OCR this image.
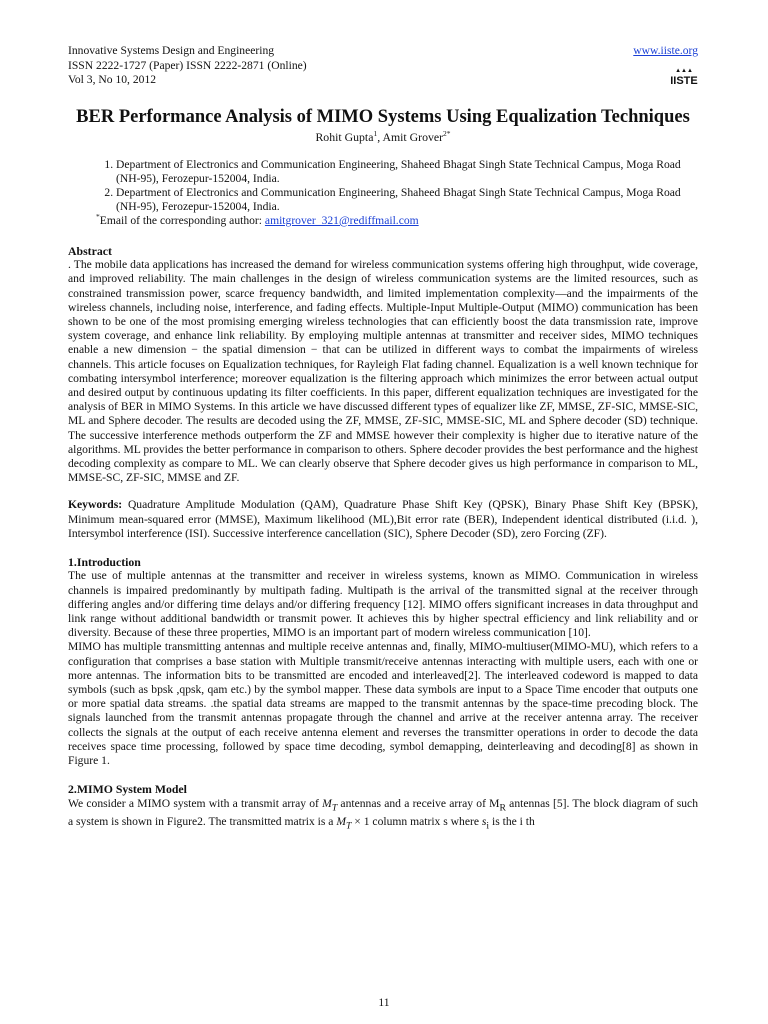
Innovative Systems Design and Engineering
ISSN 2222-1727 (Paper) ISSN 2222-2871 (Online)
Vol 3, No 10, 2012
www.iiste.org
▲▲▲
IISTE
BER Performance Analysis of MIMO Systems Using Equalization Techniques
Rohit Gupta$^1$, Amit Grover$^{2*}$
1. Department of Electronics and Communication Engineering, Shaheed Bhagat Singh State Technical Campus, Moga Road (NH-95), Ferozepur-152004, India.
2. Department of Electronics and Communication Engineering, Shaheed Bhagat Singh State Technical Campus, Moga Road (NH-95), Ferozepur-152004, India.
*Email of the corresponding author: amitgrover_321@rediffmail.com
Abstract

. The mobile data applications has increased the demand for wireless communication systems offering high throughput, wide coverage, and improved reliability. The main challenges in the design of wireless communication systems are the limited resources, such as constrained transmission power, scarce frequency bandwidth, and limited implementation complexity―and the impairments of the wireless channels, including noise, interference, and fading effects. Multiple-Input Multiple-Output (MIMO) communication has been shown to be one of the most promising emerging wireless technologies that can efficiently boost the data transmission rate, improve system coverage, and enhance link reliability. By employing multiple antennas at transmitter and receiver sides, MIMO techniques enable a new dimension − the spatial dimension − that can be utilized in different ways to combat the impairments of wireless channels. This article focuses on Equalization techniques, for Rayleigh Flat fading channel. Equalization is a well known technique for combating intersymbol interference; moreover equalization is the filtering approach which minimizes the error between actual output and desired output by continuous updating its filter coefficients. In this paper, different equalization techniques are investigated for the analysis of BER in MIMO Systems. In this article we have discussed different types of equalizer like ZF, MMSE, ZF-SIC, MMSE-SIC, ML and Sphere decoder. The results are decoded using the ZF, MMSE, ZF-SIC, MMSE-SIC, ML and Sphere decoder (SD) technique. The successive interference methods outperform the ZF and MMSE however their complexity is higher due to iterative nature of the algorithms. ML provides the better performance in comparison to others. Sphere decoder provides the best performance and the highest decoding complexity as compare to ML. We can clearly observe that Sphere decoder gives us high performance in comparison to ML, MMSE-SC, ZF-SIC, MMSE and ZF.

Keywords: Quadrature Amplitude Modulation (QAM), Quadrature Phase Shift Key (QPSK), Binary Phase Shift Key (BPSK), Minimum mean-squared error (MMSE), Maximum likelihood (ML),Bit error rate (BER), Independent identical distributed (i.i.d. ), Intersymbol interference (ISI). Successive interference cancellation (SIC), Sphere Decoder (SD), zero Forcing (ZF).

1.Introduction

The use of multiple antennas at the transmitter and receiver in wireless systems, known as MIMO. Communication in wireless channels is impaired predominantly by multipath fading. Multipath is the arrival of the transmitted signal at the receiver through differing angles and/or differing time delays and/or differing frequency [12]. MIMO offers significant increases in data throughput and link range without additional bandwidth or transmit power. It achieves this by higher spectral efficiency and link reliability and or diversity. Because of these three properties, MIMO is an important part of modern wireless communication [10].

MIMO has multiple transmitting antennas and multiple receive antennas and, finally, MIMO-multiuser(MIMO-MU), which refers to a configuration that comprises a base station with Multiple transmit/receive antennas interacting with multiple users, each with one or more antennas. The information bits to be transmitted are encoded and interleaved[2]. The interleaved codeword is mapped to data symbols (such as bpsk ,qpsk, qam etc.) by the symbol mapper. These data symbols are input to a Space Time encoder that outputs one or more spatial data streams. .the spatial data streams are mapped to the transmit antennas by the space-time precoding block. The signals launched from the transmit antennas propagate through the channel and arrive at the receiver antenna array. The receiver collects the signals at the output of each receive antenna element and reverses the transmitter operations in order to decode the data receives space time processing, followed by space time decoding, symbol demapping, deinterleaving and decoding[8] as shown in Figure 1.

2.MIMO System Model

We consider a MIMO system with a transmit array of $M_T$ antennas and a receive array of $M_R$ antennas [5]. The block diagram of such a system is shown in Figure2. The transmitted matrix is a $M_T \times 1$ column matrix s where $s_i$ is the i th

11
